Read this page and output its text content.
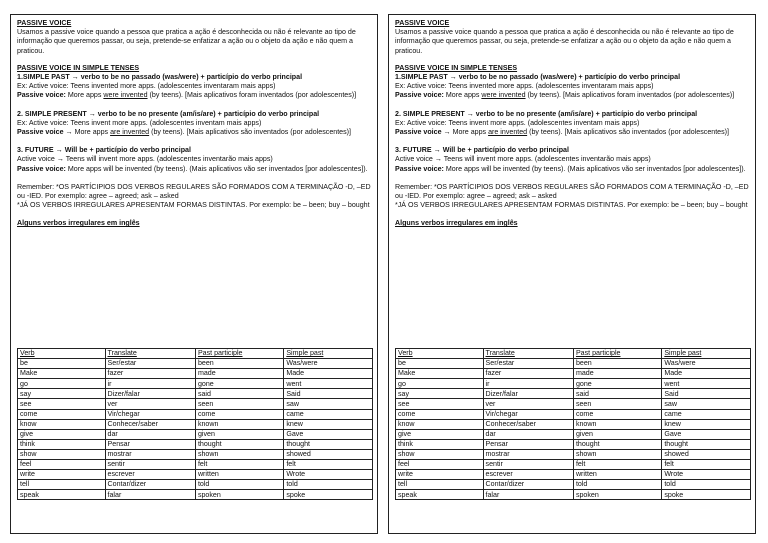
PASSIVE VOICE

Usamos a passive voice quando a pessoa que pratica a ação é desconhecida ou não é relevante ao tipo de informação que queremos passar, ou seja, pretende-se enfatizar a ação ou o objeto da ação e não quem a praticou.

PASSIVE VOICE IN SIMPLE TENSES

1.SIMPLE PAST → verbo to be no passado (was/were) + particípio do verbo principal

Ex: Active voice: Teens invented more apps. (adolescentes inventaram mais apps)

Passive voice: More apps were invented (by teens). [Mais aplicativos foram inventados (por adolescentes)]

2. SIMPLE PRESENT → verbo to be no presente (am/is/are) + particípio do verbo principal

Ex: Active voice: Teens invent more apps. (adolescentes inventam mais apps)

Passive voice → More apps are invented (by teens). [Mais aplicativos são inventados (por adolescentes)]

3. FUTURE → Will be + particípio do verbo principal

Active voice → Teens will invent more apps. (adolescentes inventarão mais apps)

Passive voice: More apps will be invented (by teens). (Mais aplicativos vão ser inventados [por adolescentes]).

Remember: *OS PARTÍCIPIOS DOS VERBOS REGULARES SÃO FORMADOS COM A TERMINAÇÃO -D, –ED ou -IED. Por exemplo: agree – agreed; ask – asked

*JÁ OS VERBOS IRREGULARES APRESENTAM FORMAS DISTINTAS. Por exemplo: be – been; buy – bought

Alguns verbos irregulares em inglês

Verb	Translate	Past participle	Simple past
be	Ser/estar	been	Was/were
Make	fazer	made	Made
go	ir	gone	went
say	Dizer/falar	said	Said
see	ver	seen	saw
come	Vir/chegar	come	came
know	Conhecer/saber	known	knew
give	dar	given	Gave
think	Pensar	thought	thought
show	mostrar	shown	showed
feel	sentir	felt	felt
write	escrever	written	Wrote
tell	Contar/dizer	told	told
speak	falar	spoken	spoke

PASSIVE VOICE

Usamos a passive voice quando a pessoa que pratica a ação é desconhecida ou não é relevante ao tipo de informação que queremos passar, ou seja, pretende-se enfatizar a ação ou o objeto da ação e não quem a praticou.

PASSIVE VOICE IN SIMPLE TENSES

1.SIMPLE PAST → verbo to be no passado (was/were) + particípio do verbo principal

Ex: Active voice: Teens invented more apps. (adolescentes inventaram mais apps)

Passive voice: More apps were invented (by teens). [Mais aplicativos foram inventados (por adolescentes)]

2. SIMPLE PRESENT → verbo to be no presente (am/is/are) + particípio do verbo principal

Ex: Active voice: Teens invent more apps. (adolescentes inventam mais apps)

Passive voice → More apps are invented (by teens). [Mais aplicativos são inventados (por adolescentes)]

3. FUTURE → Will be + particípio do verbo principal

Active voice → Teens will invent more apps. (adolescentes inventarão mais apps)

Passive voice: More apps will be invented (by teens). (Mais aplicativos vão ser inventados [por adolescentes]).

Remember: *OS PARTÍCIPIOS DOS VERBOS REGULARES SÃO FORMADOS COM A TERMINAÇÃO -D, –ED ou -IED. Por exemplo: agree – agreed; ask – asked

*JÁ OS VERBOS IRREGULARES APRESENTAM FORMAS DISTINTAS. Por exemplo: be – been; buy – bought

Alguns verbos irregulares em inglês

Verb	Translate	Past participle	Simple past
be	Ser/estar	been	Was/were
Make	fazer	made	Made
go	ir	gone	went
say	Dizer/falar	said	Said
see	ver	seen	saw
come	Vir/chegar	come	came
know	Conhecer/saber	known	knew
give	dar	given	Gave
think	Pensar	thought	thought
show	mostrar	shown	showed
feel	sentir	felt	felt
write	escrever	written	Wrote
tell	Contar/dizer	told	told
speak	falar	spoken	spoke
